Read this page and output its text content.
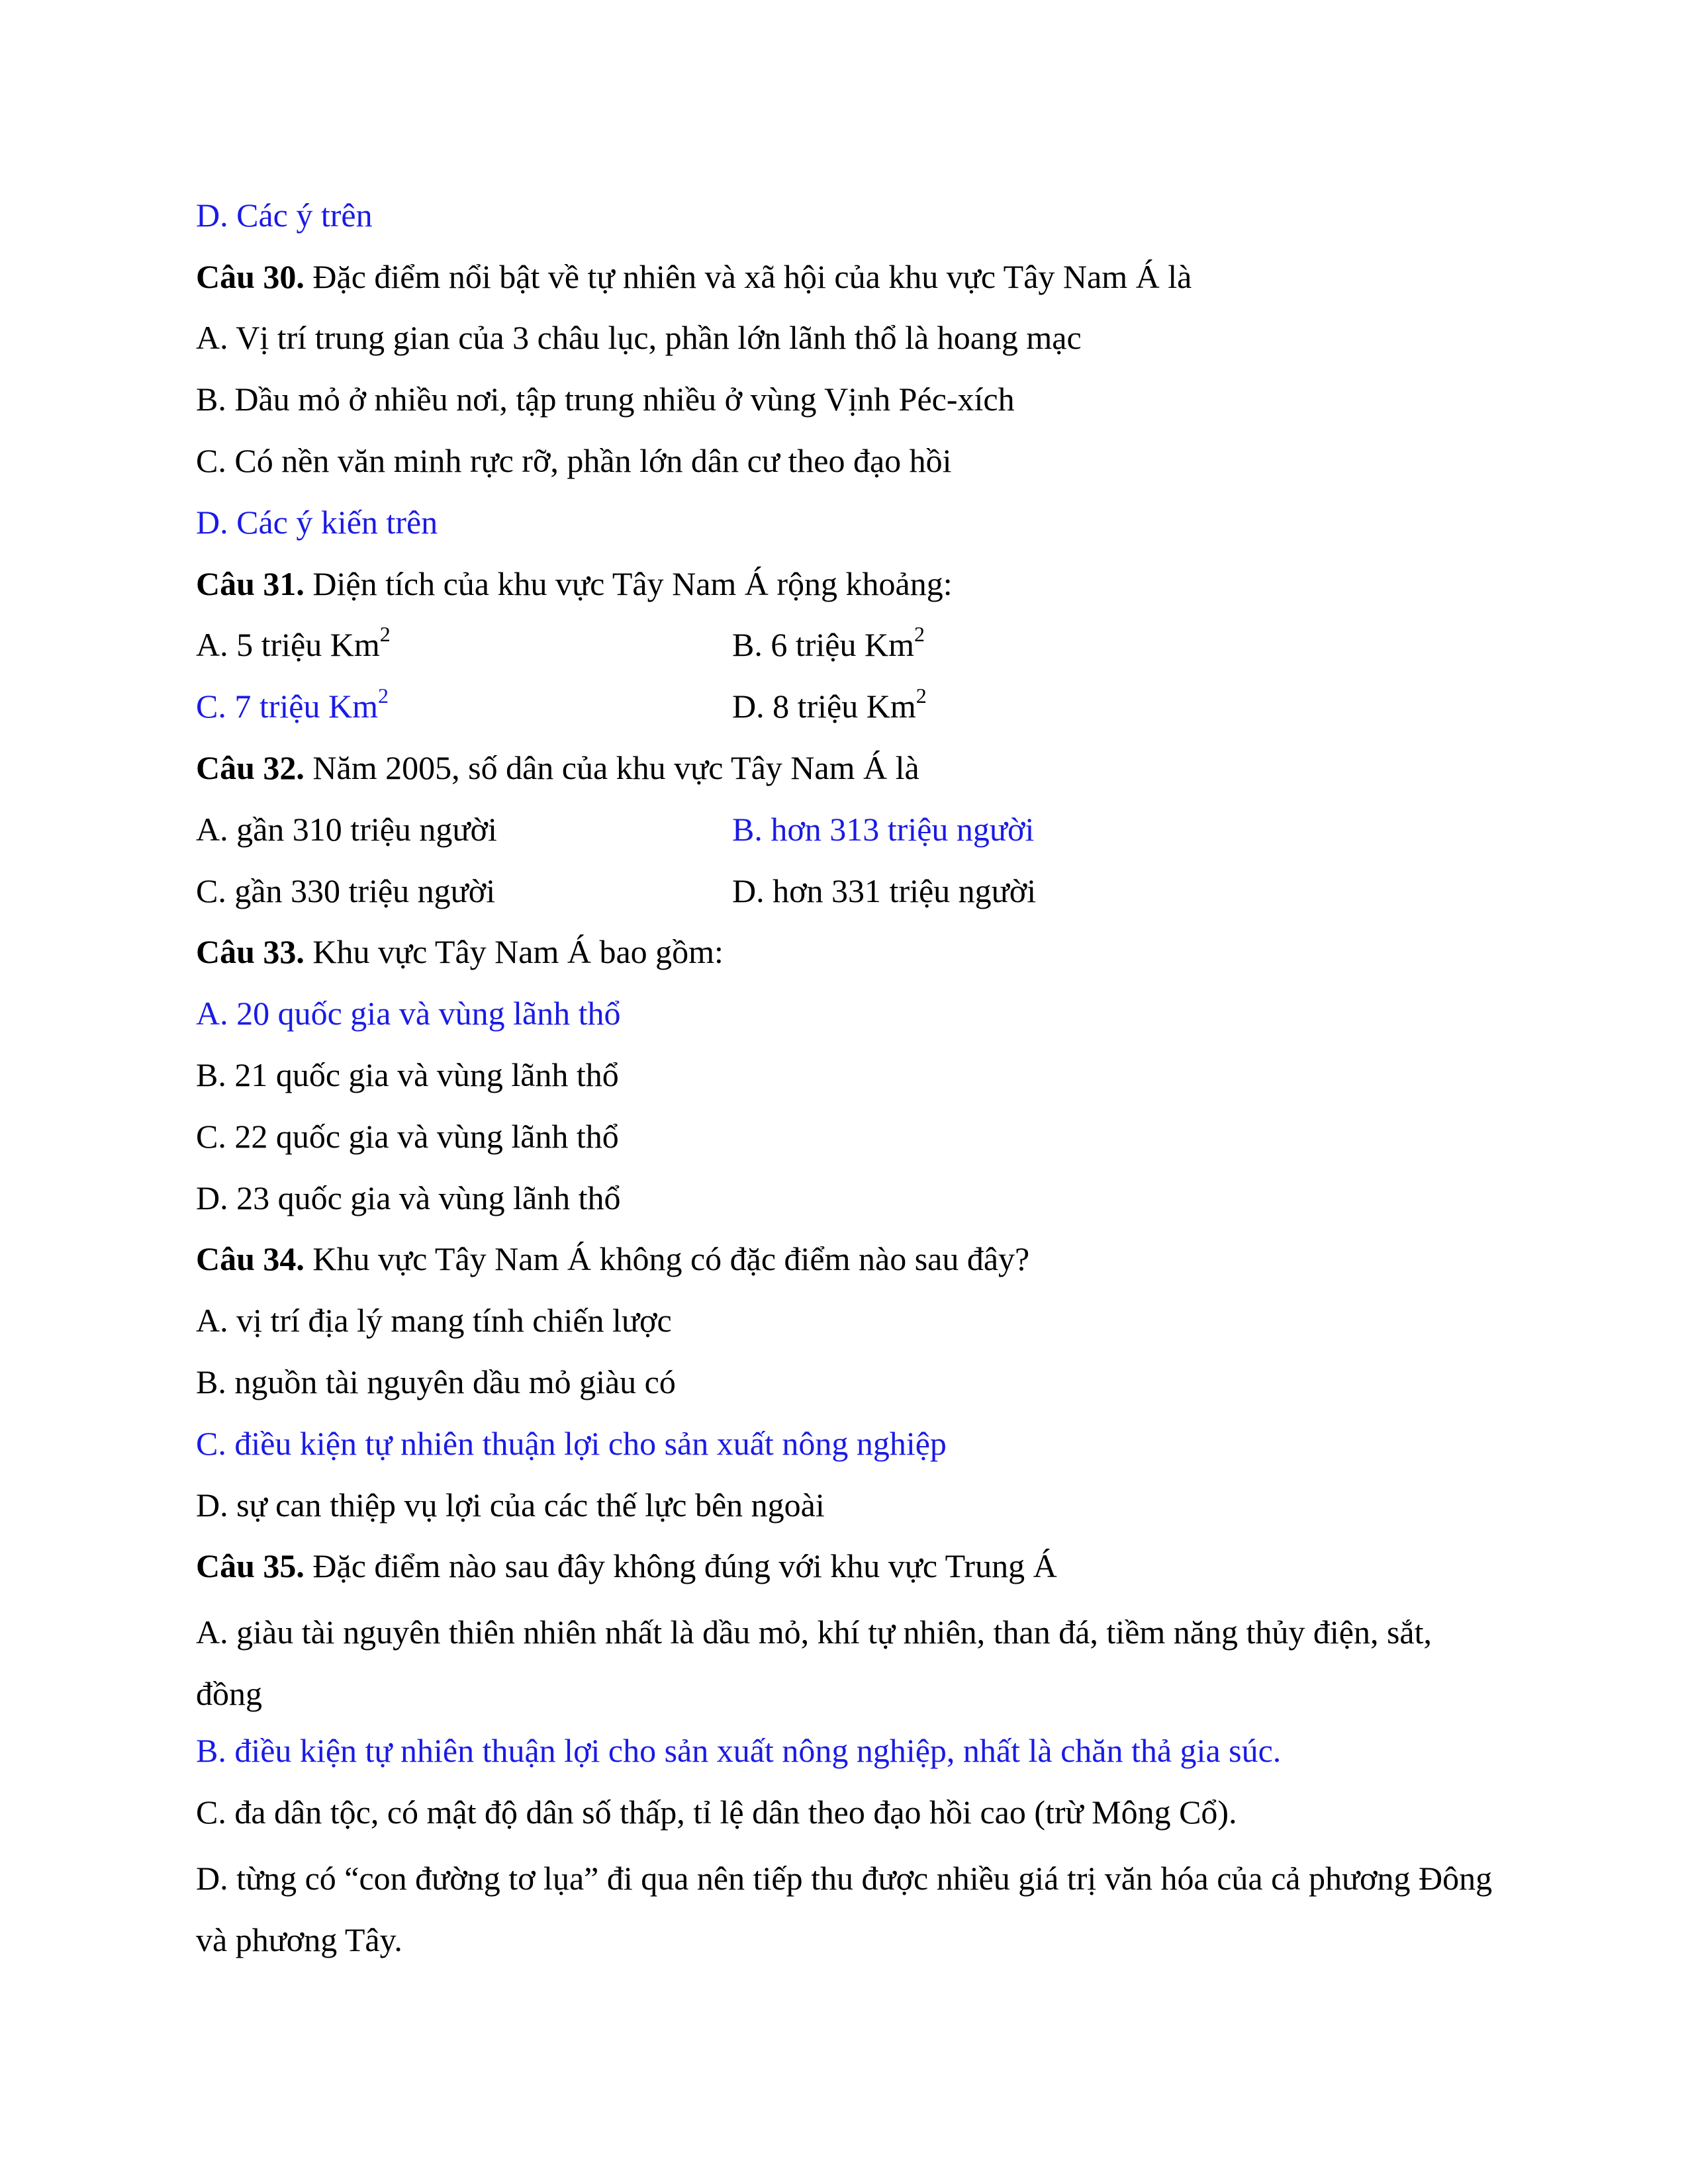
D. Các ý trên
Câu 30. Đặc điểm nổi bật về tự nhiên và xã hội của khu vực Tây Nam Á là
A. Vị trí trung gian của 3 châu lục, phần lớn lãnh thổ là hoang mạc
B. Dầu mỏ ở nhiều nơi, tập trung nhiều ở vùng Vịnh Péc-xích
C. Có nền văn minh rực rỡ, phần lớn dân cư theo đạo hồi
D. Các ý kiến trên
Câu 31. Diện tích của khu vực Tây Nam Á rộng khoảng:
A. 5 triệu Km$^2$	B. 6 triệu Km$^2$
C. 7 triệu Km$^2$	D. 8 triệu Km$^2$
Câu 32. Năm 2005, số dân của khu vực Tây Nam Á là
A. gần 310 triệu người	B. hơn 313 triệu người
C. gần 330 triệu người	D. hơn 331 triệu người
Câu 33. Khu vực Tây Nam Á bao gồm:
A. 20 quốc gia và vùng lãnh thổ
B. 21 quốc gia và vùng lãnh thổ
C. 22 quốc gia và vùng lãnh thổ
D. 23 quốc gia và vùng lãnh thổ
Câu 34. Khu vực Tây Nam Á không có đặc điểm nào sau đây?
A. vị trí địa lý mang tính chiến lược
B. nguồn tài nguyên dầu mỏ giàu có
C. điều kiện tự nhiên thuận lợi cho sản xuất nông nghiệp
D. sự can thiệp vụ lợi của các thế lực bên ngoài
Câu 35. Đặc điểm nào sau đây không đúng với khu vực Trung Á
A. giàu tài nguyên thiên nhiên nhất là dầu mỏ, khí tự nhiên, than đá, tiềm năng thủy điện, sắt, đồng
B. điều kiện tự nhiên thuận lợi cho sản xuất nông nghiệp, nhất là chăn thả gia súc.
C. đa dân tộc, có mật độ dân số thấp, tỉ lệ dân theo đạo hồi cao (trừ Mông Cổ).
D. từng có “con đường tơ lụa” đi qua nên tiếp thu được nhiều giá trị văn hóa của cả phương Đông và phương Tây.
